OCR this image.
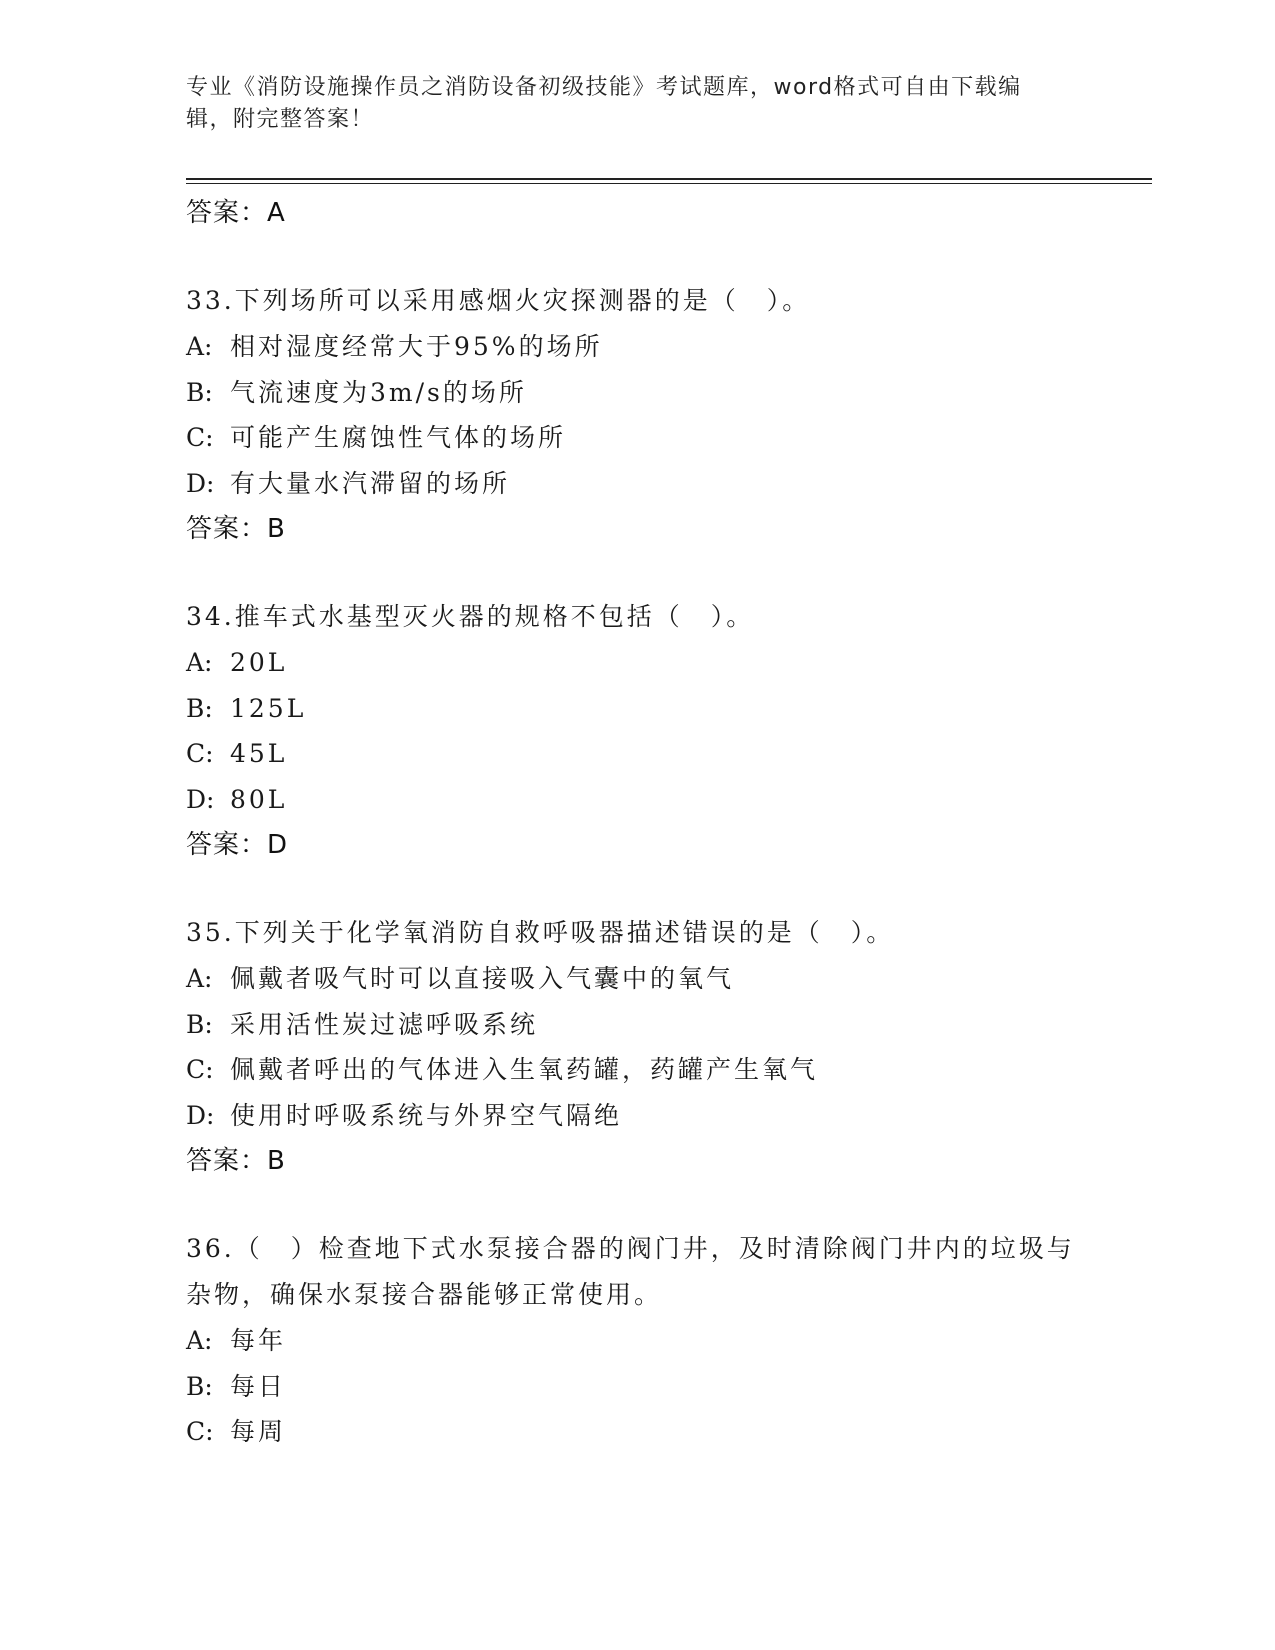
专业《消防设施操作员之消防设备初级技能》考试题库，word格式可自由下载编辑，附完整答案！
答案：A
33.下列场所可以采用感烟火灾探测器的是（　）。
A: 相对湿度经常大于95%的场所
B: 气流速度为3m/s的场所
C: 可能产生腐蚀性气体的场所
D: 有大量水汽滞留的场所
答案：B
34.推车式水基型灭火器的规格不包括（　）。
A: 20L
B: 125L
C: 45L
D: 80L
答案：D
35.下列关于化学氧消防自救呼吸器描述错误的是（　）。
A: 佩戴者吸气时可以直接吸入气囊中的氧气
B: 采用活性炭过滤呼吸系统
C: 佩戴者呼出的气体进入生氧药罐，药罐产生氧气
D: 使用时呼吸系统与外界空气隔绝
答案：B
36.（　）检查地下式水泵接合器的阀门井，及时清除阀门井内的垃圾与杂物，确保水泵接合器能够正常使用。
A: 每年
B: 每日
C: 每周
